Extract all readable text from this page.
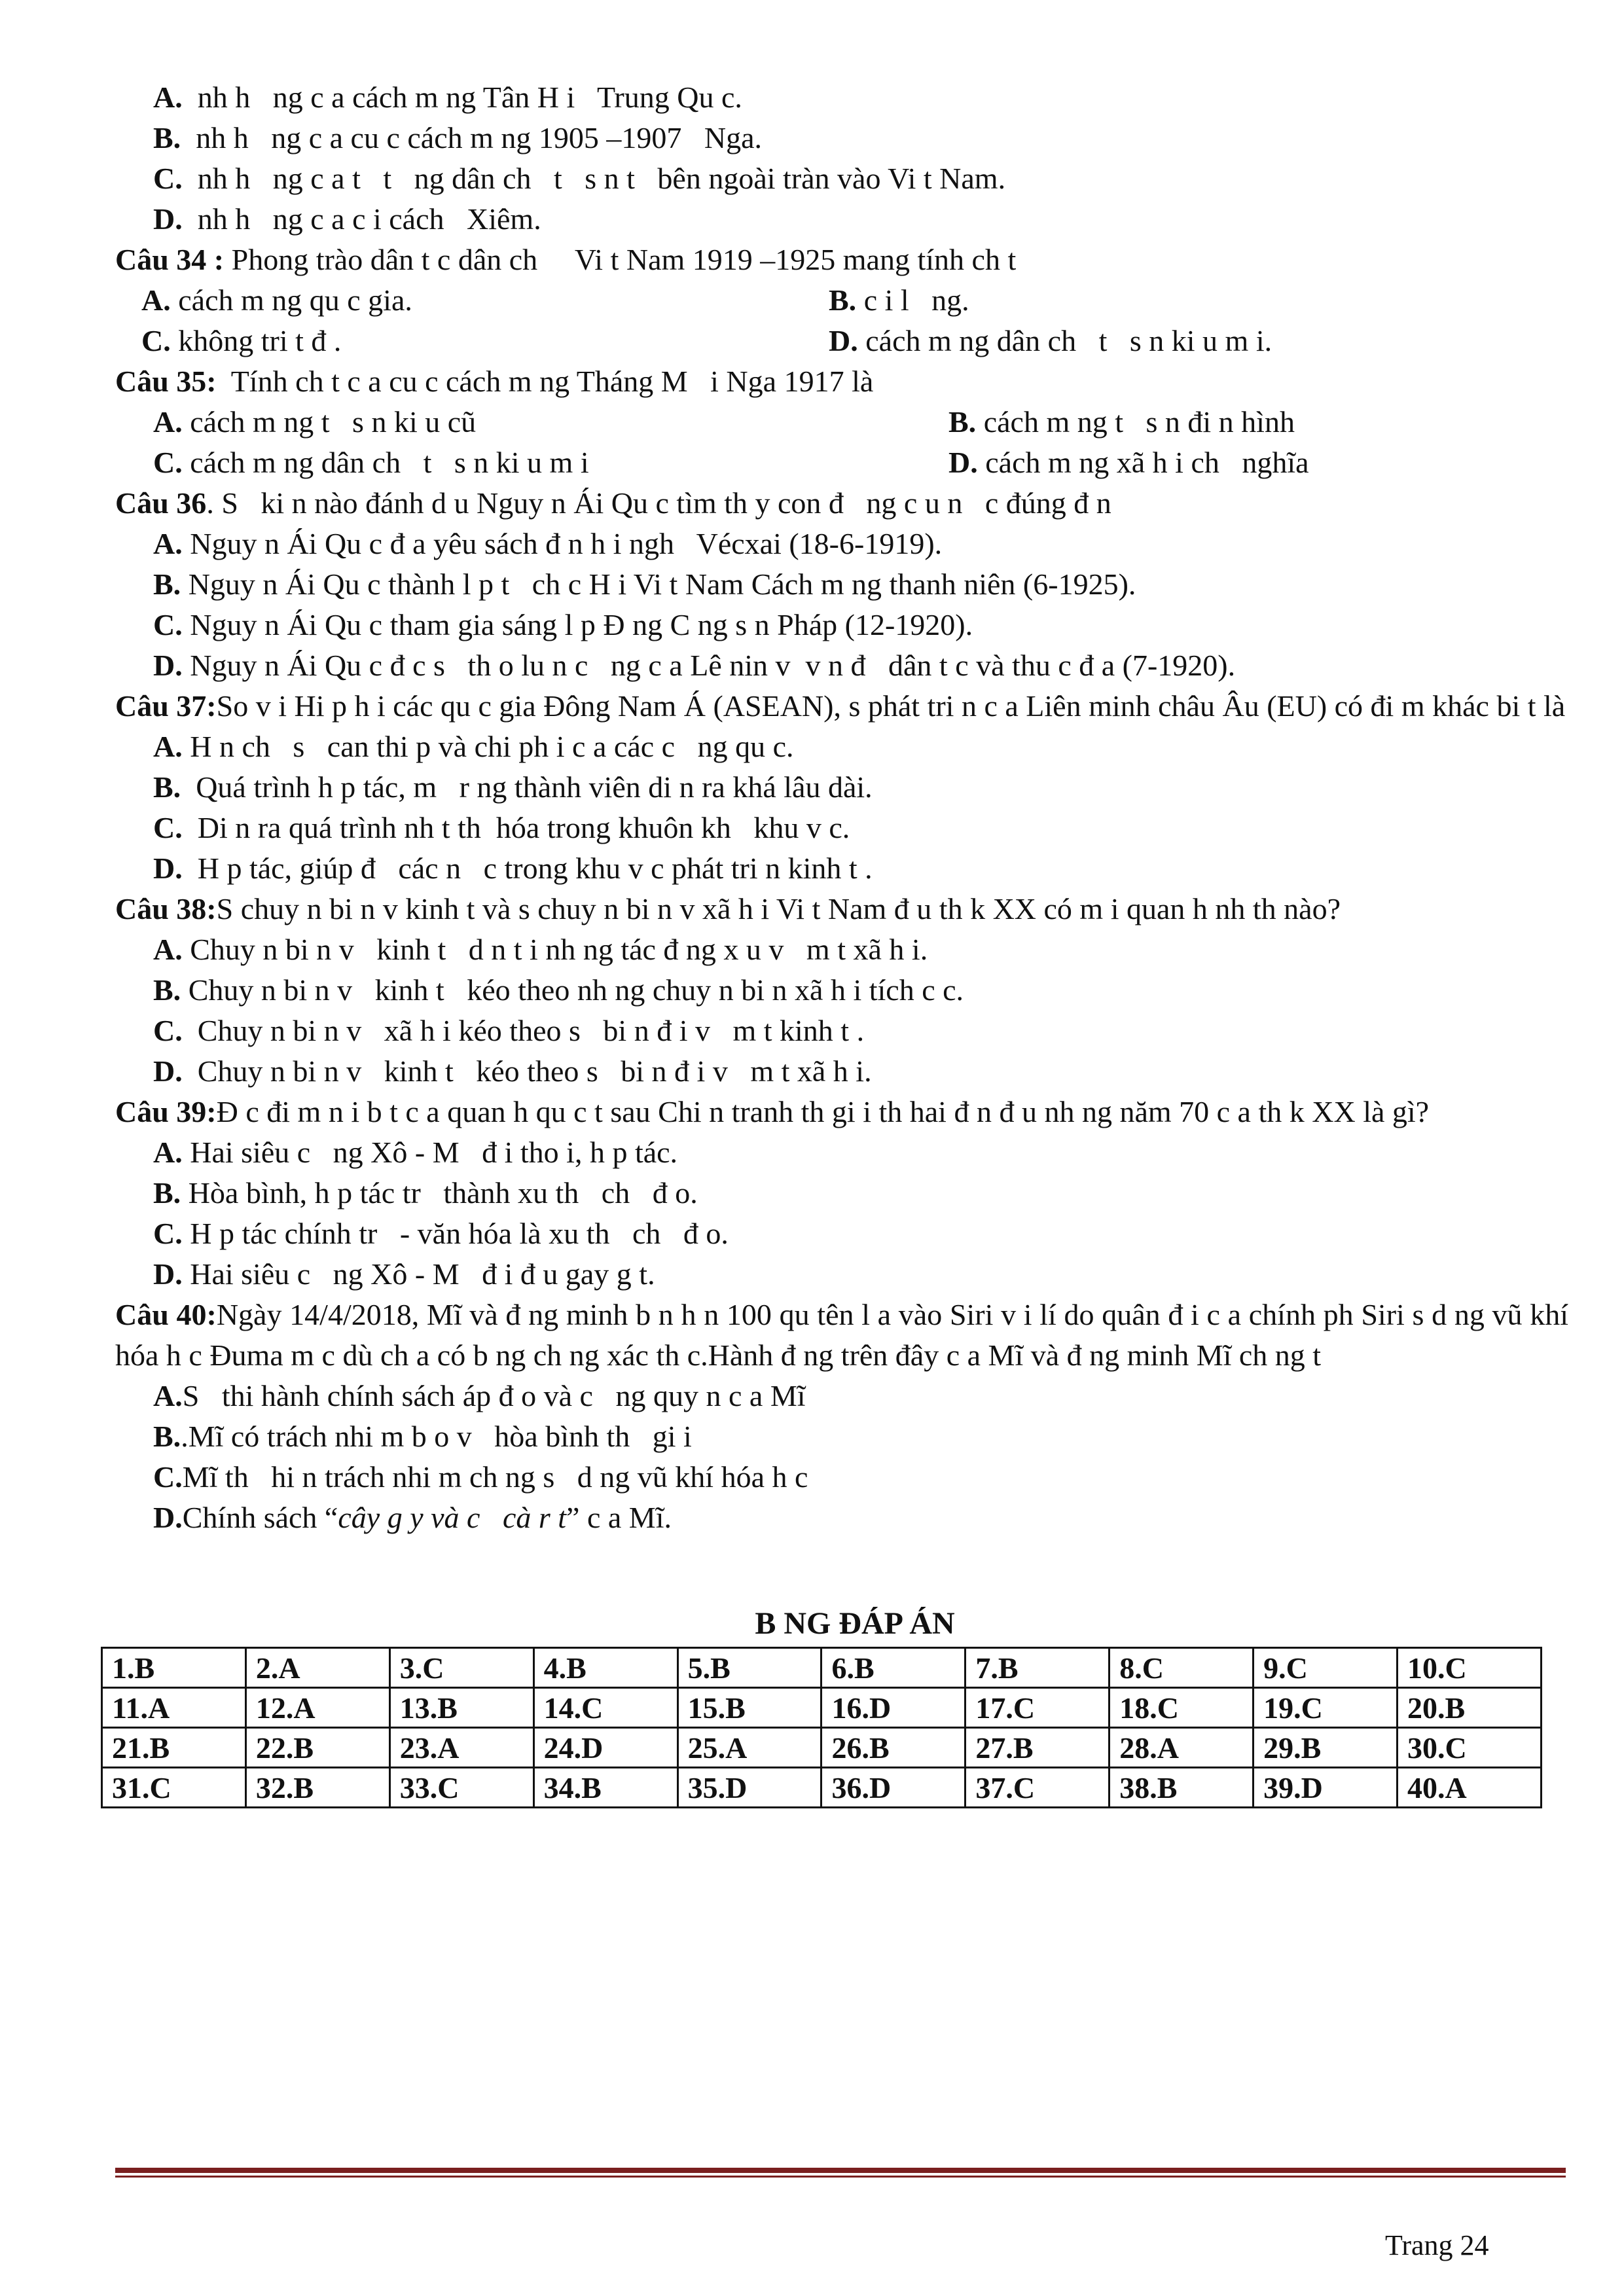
A. nh h   ng c a cách m ng Tân H i   Trung Qu c.
B. nh h   ng c a cu c cách m ng 1905 –1907   Nga.
C. nh h   ng c a t   t   ng dân ch   t   s n t   bên ngoài tràn vào Vi t Nam.
D. nh h   ng c a c i cách   Xiêm.
Câu 34 : Phong trào dân t c dân ch     Vi t Nam 1919 –1925 mang tính ch t
A. cách m ng qu c gia.	B. c i l   ng.
C. không tri t đ .	D. cách m ng dân ch   t   s n ki u m i.
Câu 35:  Tính ch t c a cu c cách m ng Tháng M   i Nga 1917 là
A. cách m ng t   s n ki u cũ	B. cách m ng t   s n đi n hình
C. cách m ng dân ch   t   s n ki u m i	D. cách m ng xã h i ch   nghĩa
Câu 36. S   ki n nào đánh d u Nguy n Ái Qu c tìm th y con đ   ng c u n   c đúng đ n
A. Nguy n Ái Qu c đ a yêu sách đ n h i ngh   Vécxai (18-6-1919).
B. Nguy n Ái Qu c thành l p t   ch c H i Vi t Nam Cách m ng thanh niên (6-1925).
C. Nguy n Ái Qu c tham gia sáng l p Đ ng C ng s n Pháp (12-1920).
D. Nguy n Ái Qu c đ c s   th o lu n c   ng c a Lê nin v  v n đ   dân t c và thu c đ a (7-1920).
Câu 37:So v i Hi p h i các qu c gia Đông Nam Á (ASEAN), s phát tri n c a Liên minh châu Âu (EU) có đi m khác bi t là
A. H n ch   s   can thi p và chi ph i c a các c   ng qu c.
B.  Quá trình h p tác, m   r ng thành viên di n ra khá lâu dài.
C.  Di n ra quá trình nh t th  hóa trong khuôn kh   khu v c.
D.  H p tác, giúp đ   các n   c trong khu v c phát tri n kinh t .
Câu 38:S chuy n bi n v kinh t và s chuy n bi n v xã h i Vi t Nam đ u th k XX có m i quan h nh th nào?
A. Chuy n bi n v   kinh t   d n t i nh ng tác đ ng x u v   m t xã h i.
B. Chuy n bi n v   kinh t   kéo theo nh ng chuy n bi n xã h i tích c c.
C.  Chuy n bi n v   xã h i kéo theo s   bi n đ i v   m t kinh t .
D.  Chuy n bi n v   kinh t   kéo theo s   bi n đ i v   m t xã h i.
Câu 39:Đ c đi m n i b t c a quan h qu c t sau Chi n tranh th gi i th hai đ n đ u nh ng năm 70 c a th k XX là gì?
A. Hai siêu c   ng Xô - M   đ i tho i, h p tác.
B. Hòa bình, h p tác tr   thành xu th   ch   đ o.
C. H p tác chính tr   - văn hóa là xu th   ch   đ o.
D. Hai siêu c   ng Xô - M   đ i đ u gay g t.
Câu 40:Ngày 14/4/2018, Mĩ và đ ng minh b n h n 100 qu tên l a vào Siri v i lí do quân đ i c a chính ph Siri s d ng vũ khí hóa h c Đuma m c dù ch a có b ng ch ng xác th c.Hành đ ng trên đây c a Mĩ và đ ng minh Mĩ ch ng t
A.S   thi hành chính sách áp đ o và c   ng quy n c a Mĩ
B..Mĩ có trách nhi m b o v   hòa bình th   gi i
C.Mĩ th   hi n trách nhi m ch ng s   d ng vũ khí hóa h c
D.Chính sách “cây g y và c   cà r t” c a Mĩ.
B NG ĐÁP ÁN
1.B	2.A	3.C	4.B	5.B	6.B	7.B	8.C	9.C	10.C
11.A	12.A	13.B	14.C	15.B	16.D	17.C	18.C	19.C	20.B
21.B	22.B	23.A	24.D	25.A	26.B	27.B	28.A	29.B	30.C
31.C	32.B	33.C	34.B	35.D	36.D	37.C	38.B	39.D	40.A
Trang 24
